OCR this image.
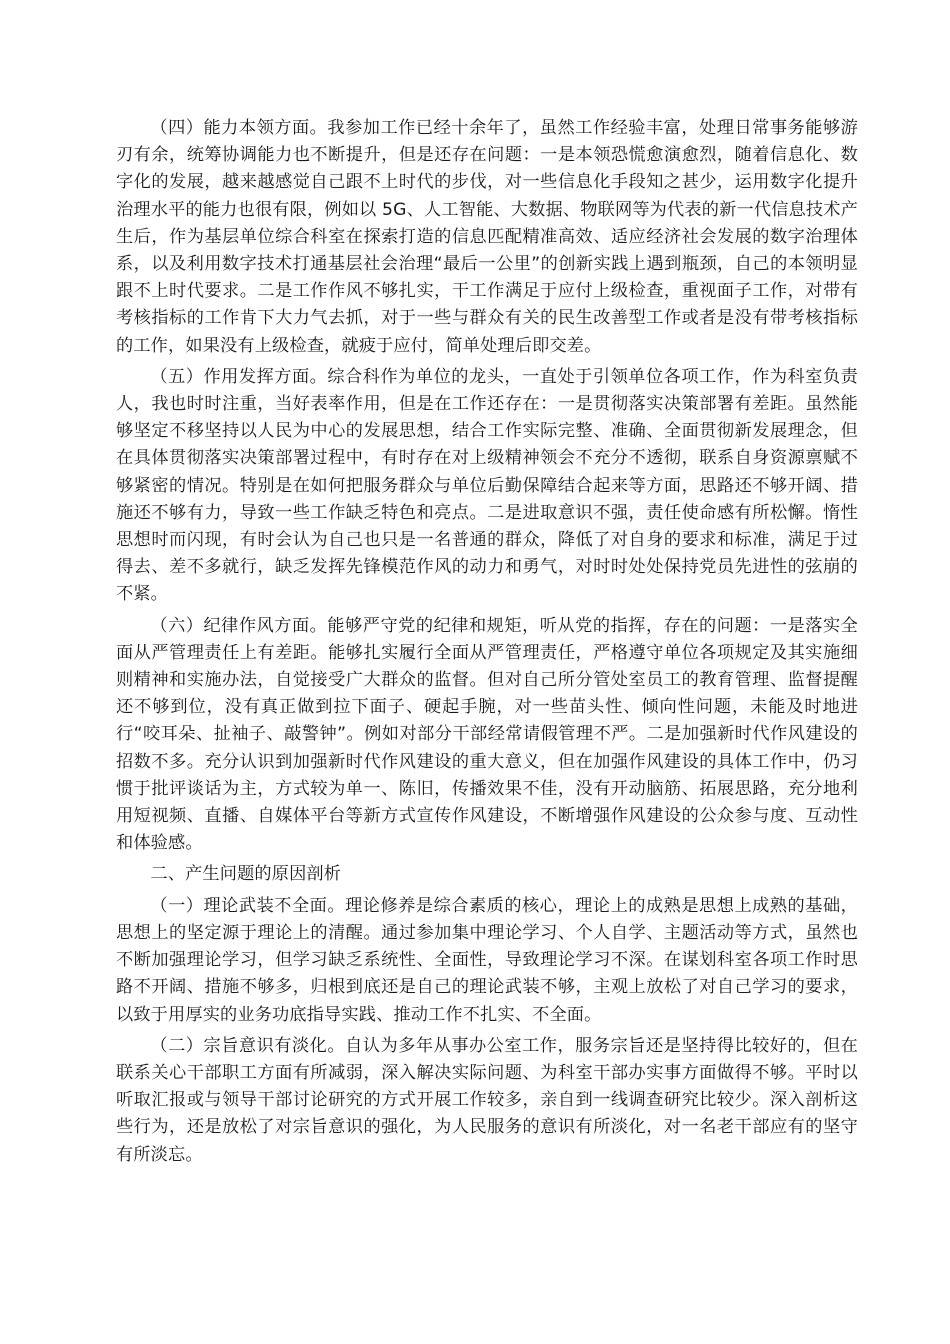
（四）能力本领方面。我参加工作已经十余年了，虽然工作经验丰富，处理日常事务能够游刃有余，统筹协调能力也不断提升，但是还存在问题：一是本领恐慌愈演愈烈，随着信息化、数字化的发展，越来越感觉自己跟不上时代的步伐，对一些信息化手段知之甚少，运用数字化提升治理水平的能力也很有限，例如以 5G、人工智能、大数据、物联网等为代表的新一代信息技术产生后，作为基层单位综合科室在探索打造的信息匹配精准高效、适应经济社会发展的数字治理体系，以及利用数字技术打通基层社会治理“最后一公里”的创新实践上遇到瓶颈，自己的本领明显跟不上时代要求。二是工作作风不够扎实，干工作满足于应付上级检查，重视面子工作，对带有考核指标的工作肯下大力气去抓，对于一些与群众有关的民生改善型工作或者是没有带考核指标的工作，如果没有上级检查，就疲于应付，简单处理后即交差。

（五）作用发挥方面。综合科作为单位的龙头，一直处于引领单位各项工作，作为科室负责人，我也时时注重，当好表率作用，但是在工作还存在：一是贯彻落实决策部署有差距。虽然能够坚定不移坚持以人民为中心的发展思想，结合工作实际完整、准确、全面贯彻新发展理念，但在具体贯彻落实决策部署过程中，有时存在对上级精神领会不充分不透彻，联系自身资源禀赋不够紧密的情况。特别是在如何把服务群众与单位后勤保障结合起来等方面，思路还不够开阔、措施还不够有力，导致一些工作缺乏特色和亮点。二是进取意识不强，责任使命感有所松懈。惰性思想时而闪现，有时会认为自己也只是一名普通的群众，降低了对自身的要求和标准，满足于过得去、差不多就行，缺乏发挥先锋模范作风的动力和勇气，对时时处处保持党员先进性的弦崩的不紧。

（六）纪律作风方面。能够严守党的纪律和规矩，听从党的指挥，存在的问题：一是落实全面从严管理责任上有差距。能够扎实履行全面从严管理责任，严格遵守单位各项规定及其实施细则精神和实施办法，自觉接受广大群众的监督。但对自己所分管处室员工的教育管理、监督提醒还不够到位，没有真正做到拉下面子、硬起手腕，对一些苗头性、倾向性问题，未能及时地进行“咬耳朵、扯袖子、敲警钟”。例如对部分干部经常请假管理不严。二是加强新时代作风建设的招数不多。充分认识到加强新时代作风建设的重大意义，但在加强作风建设的具体工作中，仍习惯于批评谈话为主，方式较为单一、陈旧，传播效果不佳，没有开动脑筋、拓展思路，充分地利用短视频、直播、自媒体平台等新方式宣传作风建设，不断增强作风建设的公众参与度、互动性和体验感。

二、产生问题的原因剖析

（一）理论武装不全面。理论修养是综合素质的核心，理论上的成熟是思想上成熟的基础，思想上的坚定源于理论上的清醒。通过参加集中理论学习、个人自学、主题活动等方式，虽然也不断加强理论学习，但学习缺乏系统性、全面性，导致理论学习不深。在谋划科室各项工作时思路不开阔、措施不够多，归根到底还是自己的理论武装不够，主观上放松了对自己学习的要求，以致于用厚实的业务功底指导实践、推动工作不扎实、不全面。

（二）宗旨意识有淡化。自认为多年从事办公室工作，服务宗旨还是坚持得比较好的，但在联系关心干部职工方面有所减弱，深入解决实际问题、为科室干部办实事方面做得不够。平时以听取汇报或与领导干部讨论研究的方式开展工作较多，亲自到一线调查研究比较少。深入剖析这些行为，还是放松了对宗旨意识的强化，为人民服务的意识有所淡化，对一名老干部应有的坚守有所淡忘。
